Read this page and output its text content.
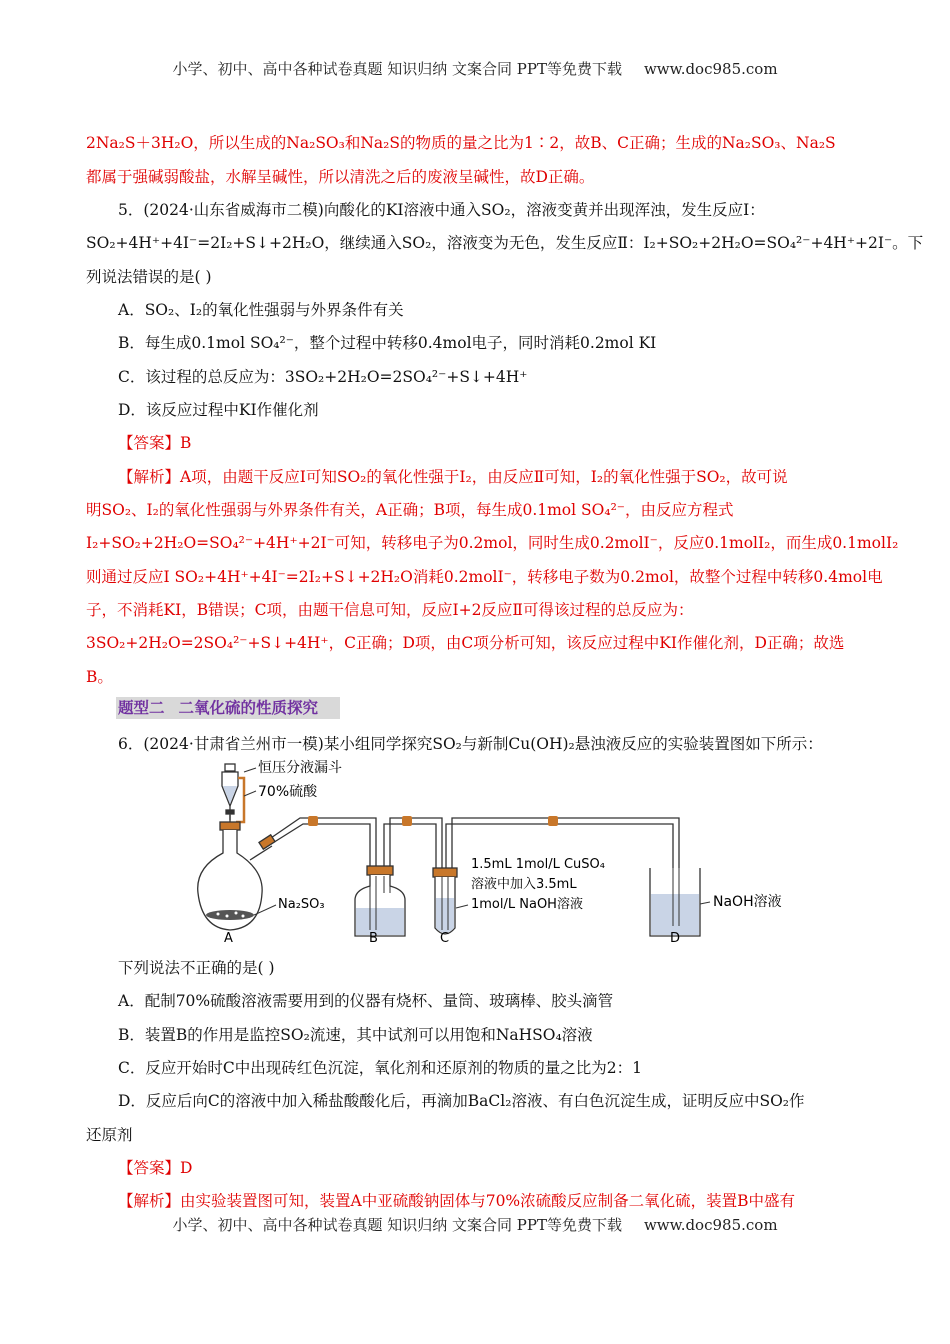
小学、初中、高中各种试卷真题 知识归纳 文案合同 PPT等免费下载 www.doc985.com
2Na₂S＋3H₂O，所以生成的Na₂SO₃和Na₂S的物质的量之比为1∶2，故B、C正确；生成的Na₂SO₃、Na₂S
都属于强碱弱酸盐，水解呈碱性，所以清洗之后的废液呈碱性，故D正确。
5．(2024·山东省威海市二模)向酸化的KI溶液中通入SO₂，溶液变黄并出现浑浊，发生反应Ⅰ：
SO₂+4H⁺+4I⁻=2I₂+S↓+2H₂O，继续通入SO₂，溶液变为无色，发生反应Ⅱ：I₂+SO₂+2H₂O=SO₄²⁻+4H⁺+2I⁻。下
列说法错误的是( )
A．SO₂、I₂的氧化性强弱与外界条件有关
B．每生成0.1mol SO₄²⁻，整个过程中转移0.4mol电子，同时消耗0.2mol KI
C．该过程的总反应为：3SO₂+2H₂O=2SO₄²⁻+S↓+4H⁺
D．该反应过程中KI作催化剂
【答案】B
【解析】A项，由题干反应Ⅰ可知SO₂的氧化性强于I₂，由反应Ⅱ可知，I₂的氧化性强于SO₂，故可说
明SO₂、I₂的氧化性强弱与外界条件有关，A正确；B项，每生成0.1mol SO₄²⁻，由反应方程式
I₂+SO₂+2H₂O=SO₄²⁻+4H⁺+2I⁻可知，转移电子为0.2mol，同时生成0.2molI⁻，反应0.1molI₂，而生成0.1molI₂
则通过反应Ⅰ SO₂+4H⁺+4I⁻=2I₂+S↓+2H₂O消耗0.2molI⁻，转移电子数为0.2mol，故整个过程中转移0.4mol电
子，不消耗KI，B错误；C项，由题干信息可知，反应Ⅰ+2反应Ⅱ可得该过程的总反应为：
3SO₂+2H₂O=2SO₄²⁻+S↓+4H⁺，C正确；D项，由C项分析可知，该反应过程中KI作催化剂，D正确；故选
B。
题型二 二氧化硫的性质探究
6．(2024·甘肃省兰州市一模)某小组同学探究SO₂与新制Cu(OH)₂悬浊液反应的实验装置图如下所示：
恒压分液漏斗
70%硫酸
Na₂SO₃
1.5mL 1mol/L CuSO₄
溶液中加入3.5mL
1mol/L NaOH溶液	NaOH溶液
A	B	C	D
下列说法不正确的是( )
A．配制70%硫酸溶液需要用到的仪器有烧杯、量筒、玻璃棒、胶头滴管
B．装置B的作用是监控SO₂流速，其中试剂可以用饱和NaHSO₄溶液
C．反应开始时C中出现砖红色沉淀，氧化剂和还原剂的物质的量之比为2：1
D．反应后向C的溶液中加入稀盐酸酸化后，再滴加BaCl₂溶液、有白色沉淀生成，证明反应中SO₂作
还原剂
【答案】D
【解析】由实验装置图可知，装置A中亚硫酸钠固体与70%浓硫酸反应制备二氧化硫，装置B中盛有
小学、初中、高中各种试卷真题 知识归纳 文案合同 PPT等免费下载 www.doc985.com
